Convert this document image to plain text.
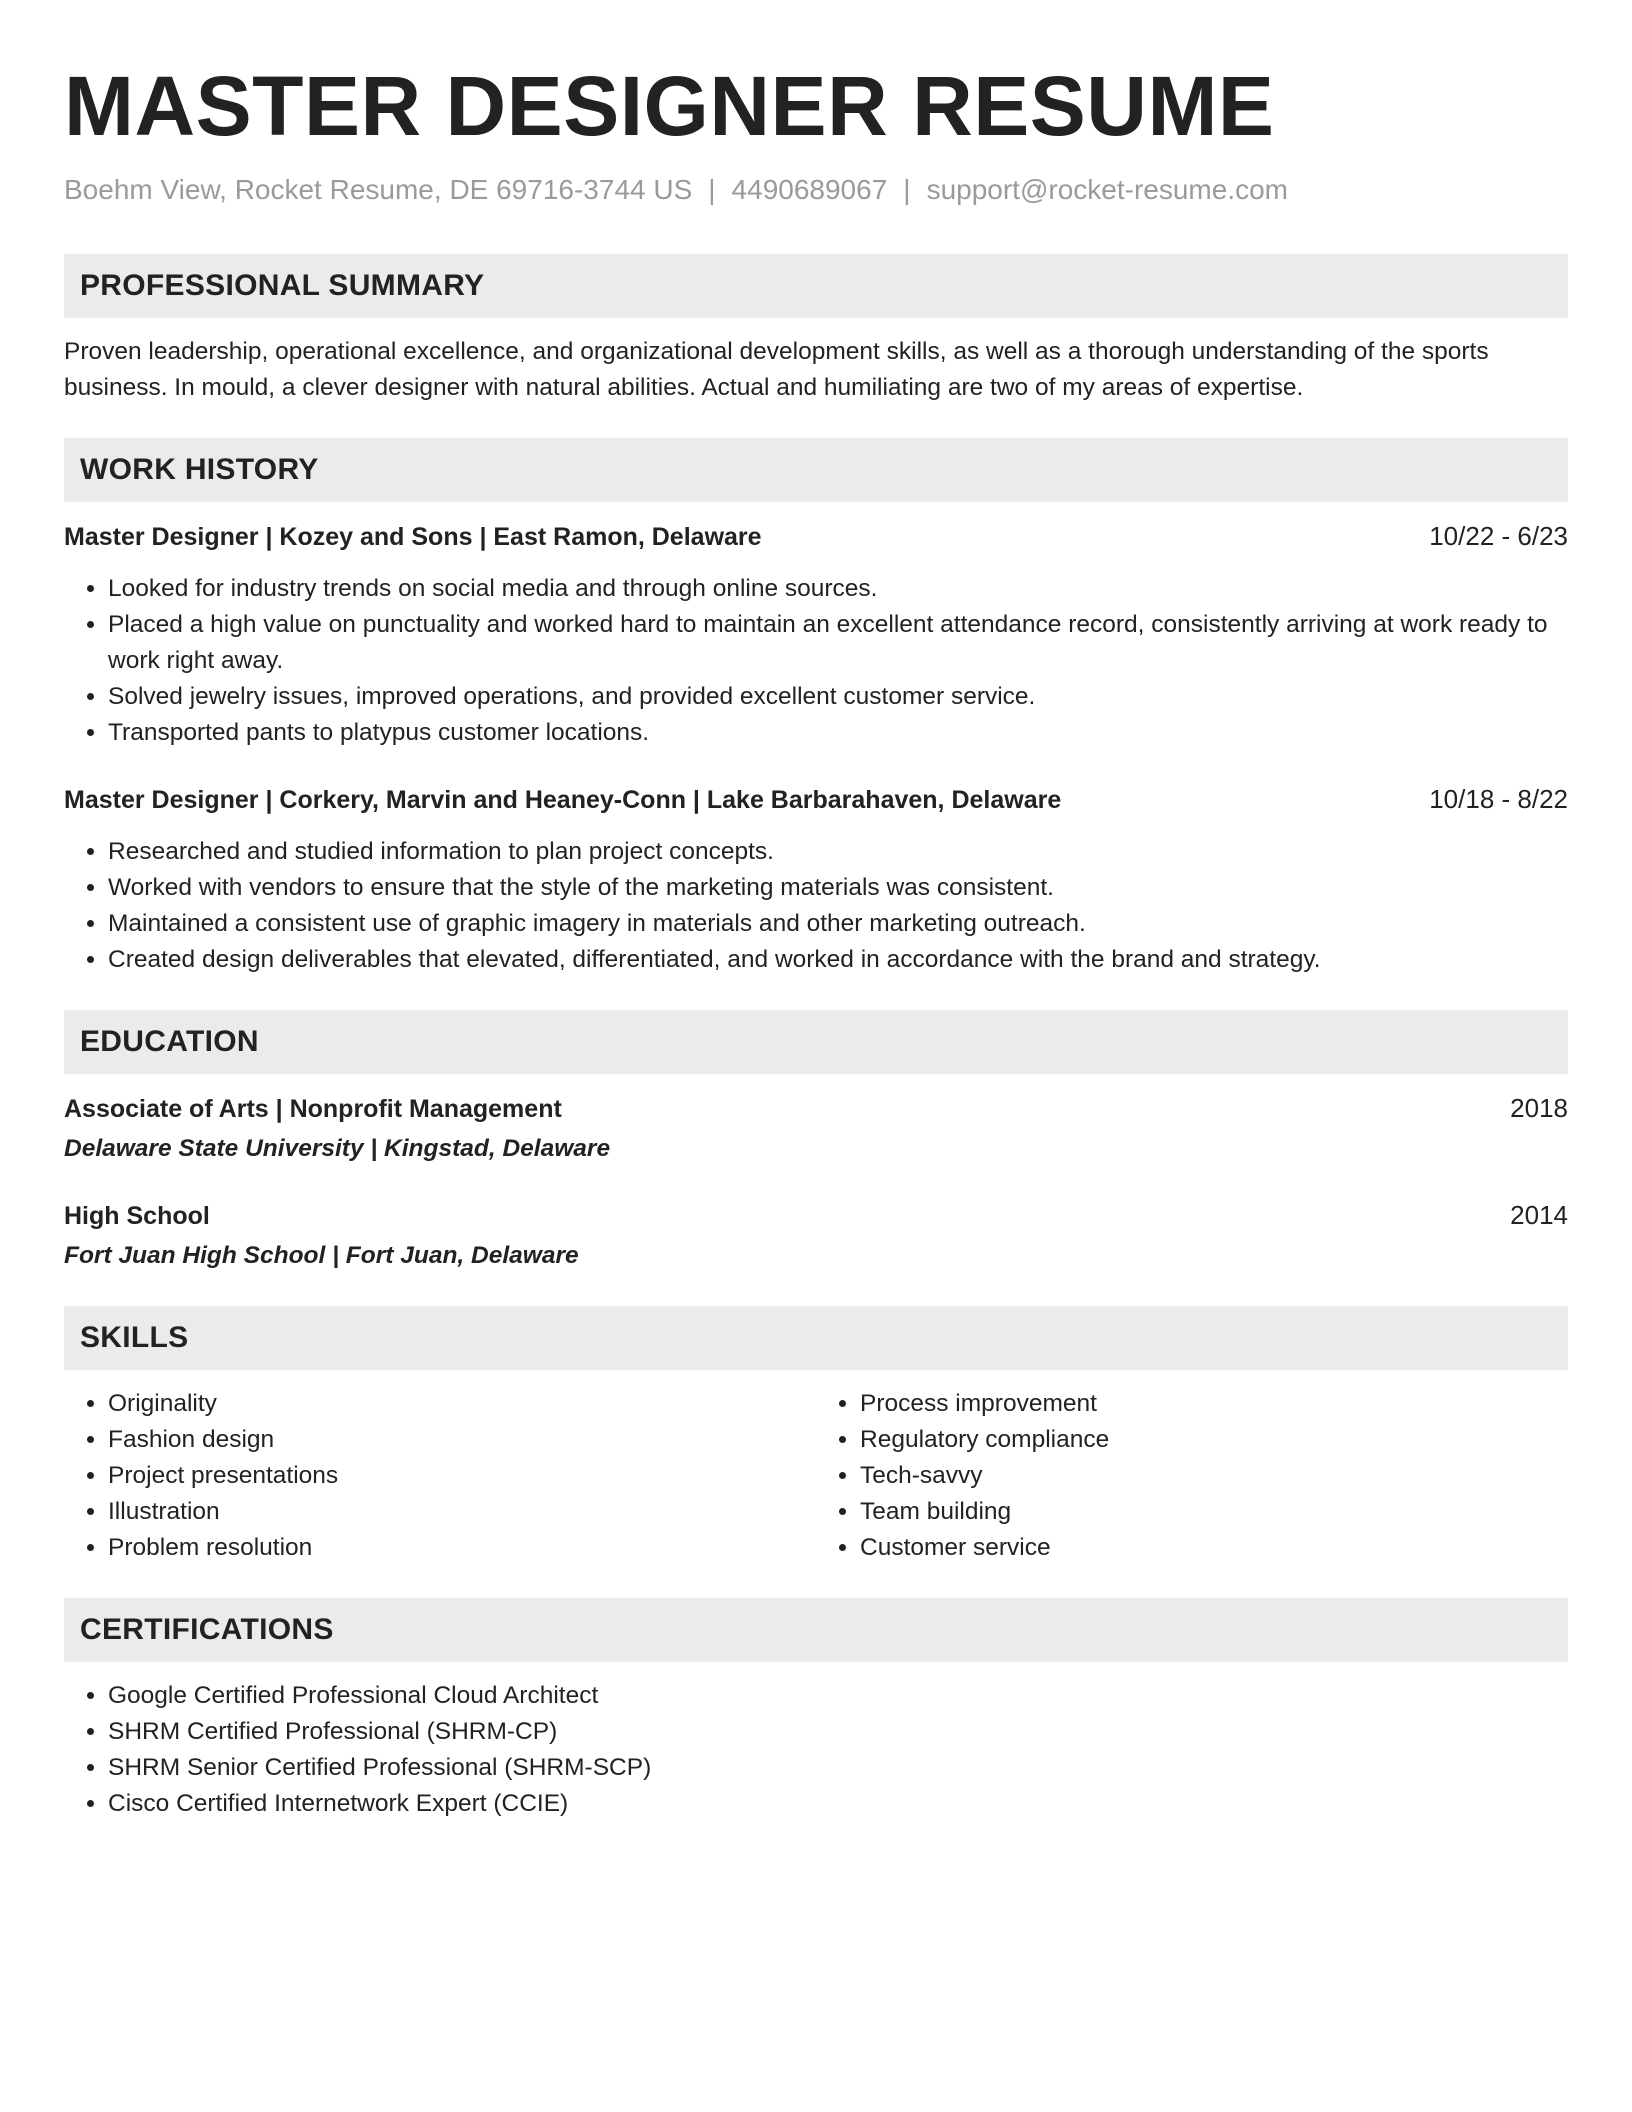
MASTER DESIGNER RESUME
Boehm View, Rocket Resume, DE 69716-3744 US | 4490689067 | support@rocket-resume.com
PROFESSIONAL SUMMARY
Proven leadership, operational excellence, and organizational development skills, as well as a thorough understanding of the sports business. In mould, a clever designer with natural abilities. Actual and humiliating are two of my areas of expertise.
WORK HISTORY
Master Designer | Kozey and Sons | East Ramon, Delaware	10/22 - 6/23
• Looked for industry trends on social media and through online sources.
• Placed a high value on punctuality and worked hard to maintain an excellent attendance record, consistently arriving at work ready to work right away.
• Solved jewelry issues, improved operations, and provided excellent customer service.
• Transported pants to platypus customer locations.
Master Designer | Corkery, Marvin and Heaney-Conn | Lake Barbarahaven, Delaware	10/18 - 8/22
• Researched and studied information to plan project concepts.
• Worked with vendors to ensure that the style of the marketing materials was consistent.
• Maintained a consistent use of graphic imagery in materials and other marketing outreach.
• Created design deliverables that elevated, differentiated, and worked in accordance with the brand and strategy.
EDUCATION
Associate of Arts | Nonprofit Management	2018
Delaware State University | Kingstad, Delaware
High School	2014
Fort Juan High School | Fort Juan, Delaware
SKILLS
• Originality
• Fashion design
• Project presentations
• Illustration
• Problem resolution
• Process improvement
• Regulatory compliance
• Tech-savvy
• Team building
• Customer service
CERTIFICATIONS
• Google Certified Professional Cloud Architect
• SHRM Certified Professional (SHRM-CP)
• SHRM Senior Certified Professional (SHRM-SCP)
• Cisco Certified Internetwork Expert (CCIE)
